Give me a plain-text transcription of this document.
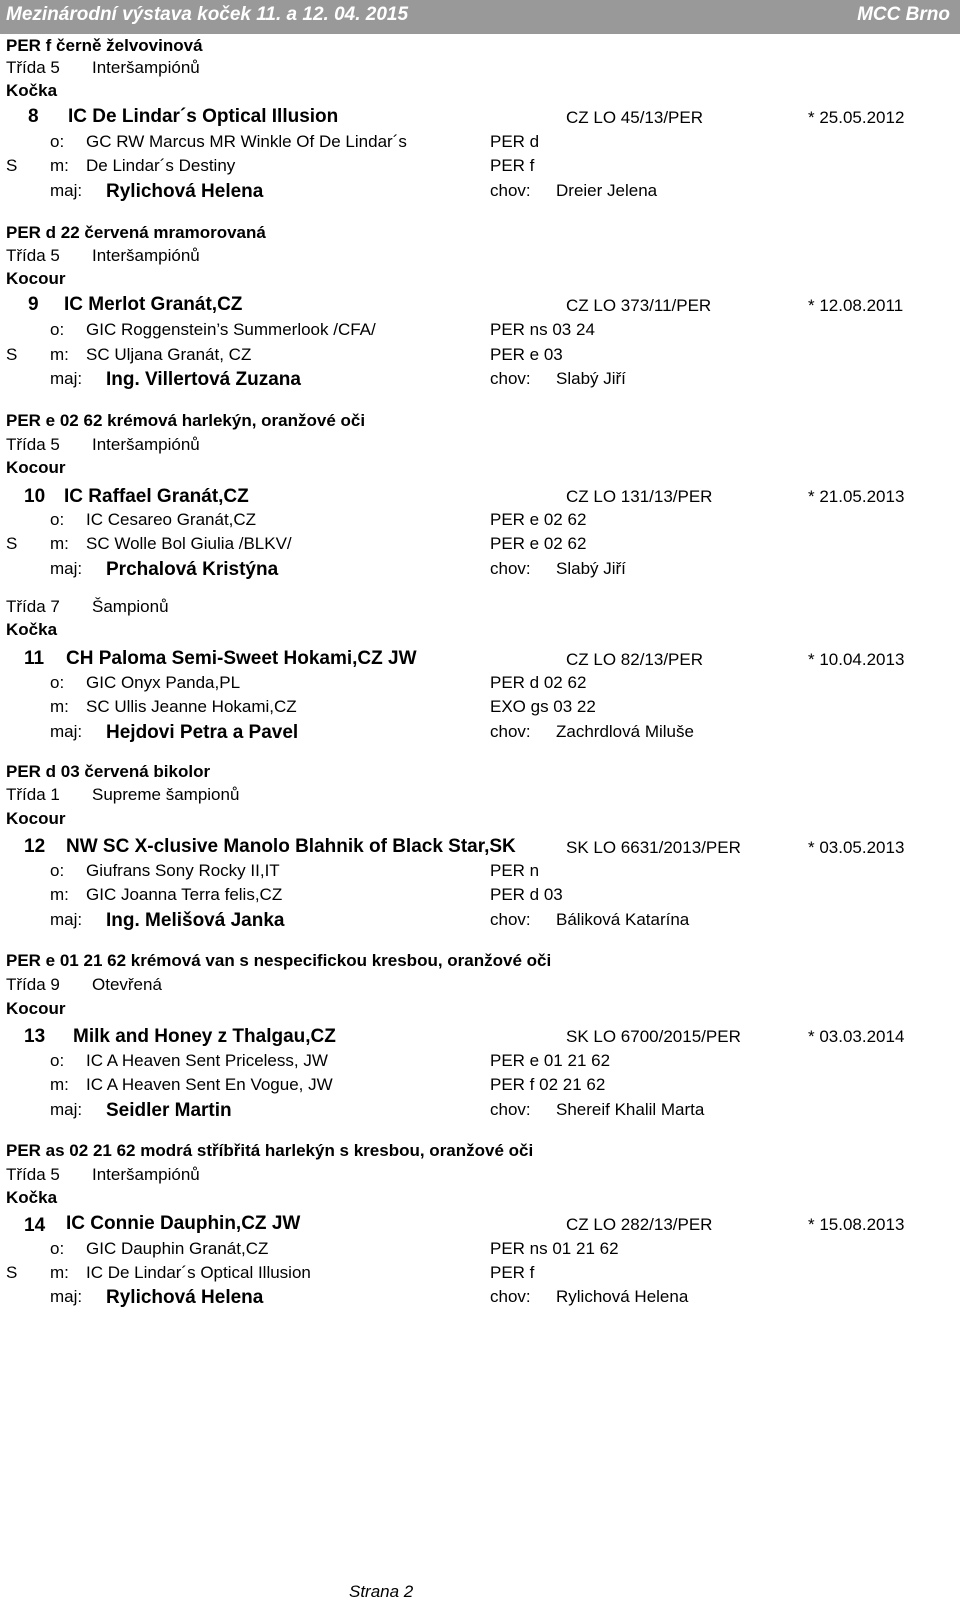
Mezinárodní výstava koček 11. a 12. 04. 2015	MCC Brno
PER f černě želvovinová
Třída 5 Interšampiónů
Kočka
8 IC De Lindar´s Optical Illusion	CZ LO 45/13/PER	* 25.05.2012
o: GC RW Marcus MR Winkle Of De Lindar´s	PER d
S m: De Lindar´s Destiny	PER f
maj: Rylichová Helena	chov: Dreier Jelena
PER d 22 červená mramorovaná
Třída 5 Interšampiónů
Kocour
9 IC Merlot Granát,CZ	CZ LO 373/11/PER	* 12.08.2011
o: GIC Roggenstein’s Summerlook /CFA/	PER ns 03 24
S m: SC Uljana Granát, CZ	PER e 03
maj: Ing. Villertová Zuzana	chov: Slabý Jiří
PER e 02 62 krémová harlekýn, oranžové oči
Třída 5 Interšampiónů
Kocour
10 IC Raffael Granát,CZ	CZ LO 131/13/PER	* 21.05.2013
o: IC Cesareo Granát,CZ	PER e 02 62
S m: SC Wolle Bol Giulia /BLKV/	PER e 02 62
maj: Prchalová Kristýna	chov: Slabý Jiří
Třída 7 Šampionů
Kočka
11 CH Paloma Semi-Sweet Hokami,CZ JW	CZ LO 82/13/PER	* 10.04.2013
o: GIC Onyx Panda,PL	PER d 02 62
m: SC Ullis Jeanne Hokami,CZ	EXO gs 03 22
maj: Hejdovi Petra a Pavel	chov: Zachrdlová Miluše
PER d 03 červená bikolor
Třída 1 Supreme šampionů
Kocour
12 NW SC X-clusive Manolo Blahnik of Black Star,SK	SK LO 6631/2013/PER	* 03.05.2013
o: Giufrans Sony Rocky II,IT	PER n
m: GIC Joanna Terra felis,CZ	PER d 03
maj: Ing. Melišová Janka	chov: Báliková Katarína
PER e 01 21 62 krémová van s nespecifickou kresbou, oranžové oči
Třída 9 Otevřená
Kocour
13 Milk and Honey z Thalgau,CZ	SK LO 6700/2015/PER	* 03.03.2014
o: IC A Heaven Sent Priceless, JW	PER e 01 21 62
m: IC A Heaven Sent En Vogue, JW	PER f 02 21 62
maj: Seidler Martin	chov: Shereif Khalil Marta
PER as 02 21 62 modrá stříbřitá harlekýn s kresbou, oranžové oči
Třída 5 Interšampiónů
Kočka
14 IC Connie Dauphin,CZ JW	CZ LO 282/13/PER	* 15.08.2013
o: GIC Dauphin Granát,CZ	PER ns 01 21 62
S m: IC De Lindar´s Optical Illusion	PER f
maj: Rylichová Helena	chov: Rylichová Helena
Strana 2
